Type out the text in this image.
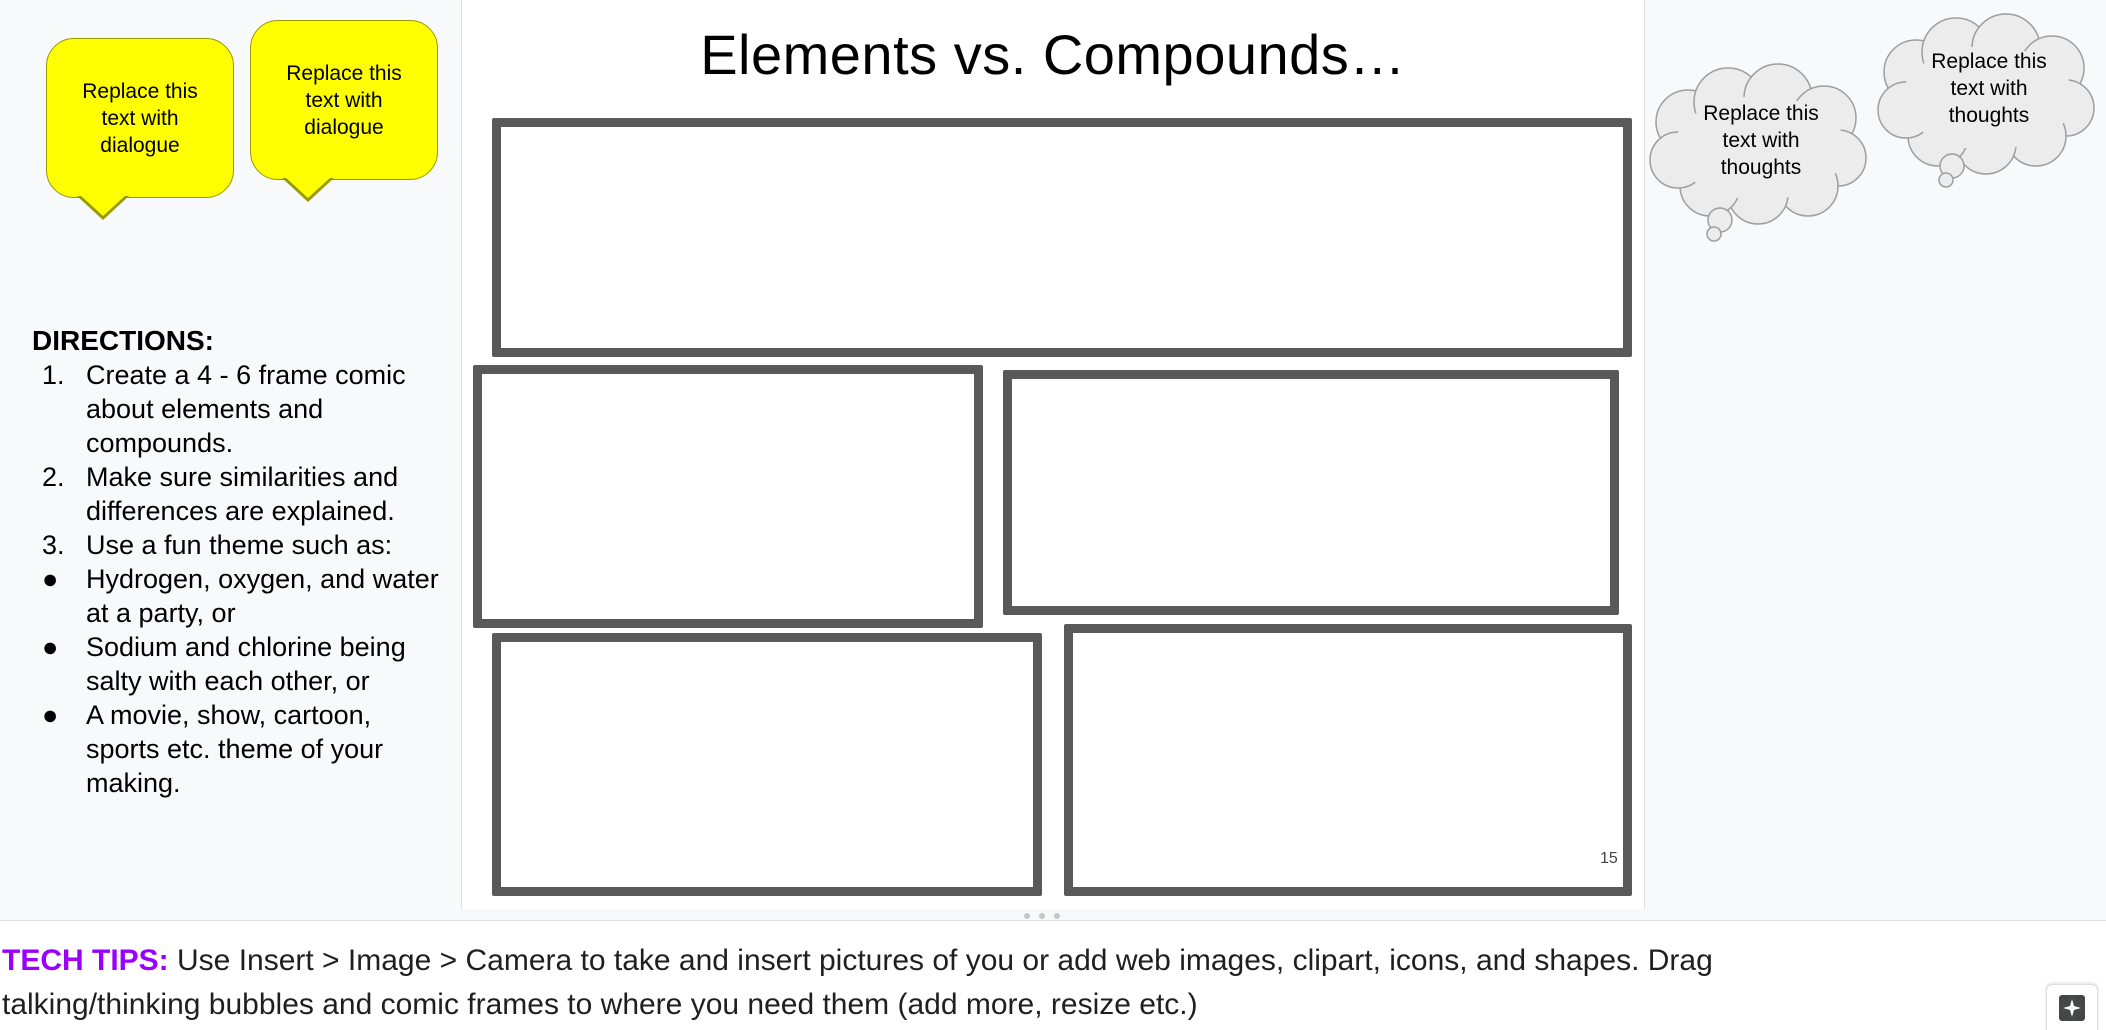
Replace this text with dialogue
Replace this text with dialogue
DIRECTIONS:
1. Create a 4 - 6 frame comic about elements and compounds.
2. Make sure similarities and differences are explained.
3. Use a fun theme such as:
●	Hydrogen, oxygen, and water at a party, or
●	Sodium and chlorine being salty with each other, or
●	A movie, show, cartoon, sports etc. theme of your making.
Elements vs. Compounds…
15
Replace this text with thoughts
Replace this text with thoughts
TECH TIPS: Use Insert > Image > Camera to take and insert pictures of you or add web images, clipart, icons, and shapes. Drag talking/thinking bubbles and comic frames to where you need them (add more, resize etc.)
